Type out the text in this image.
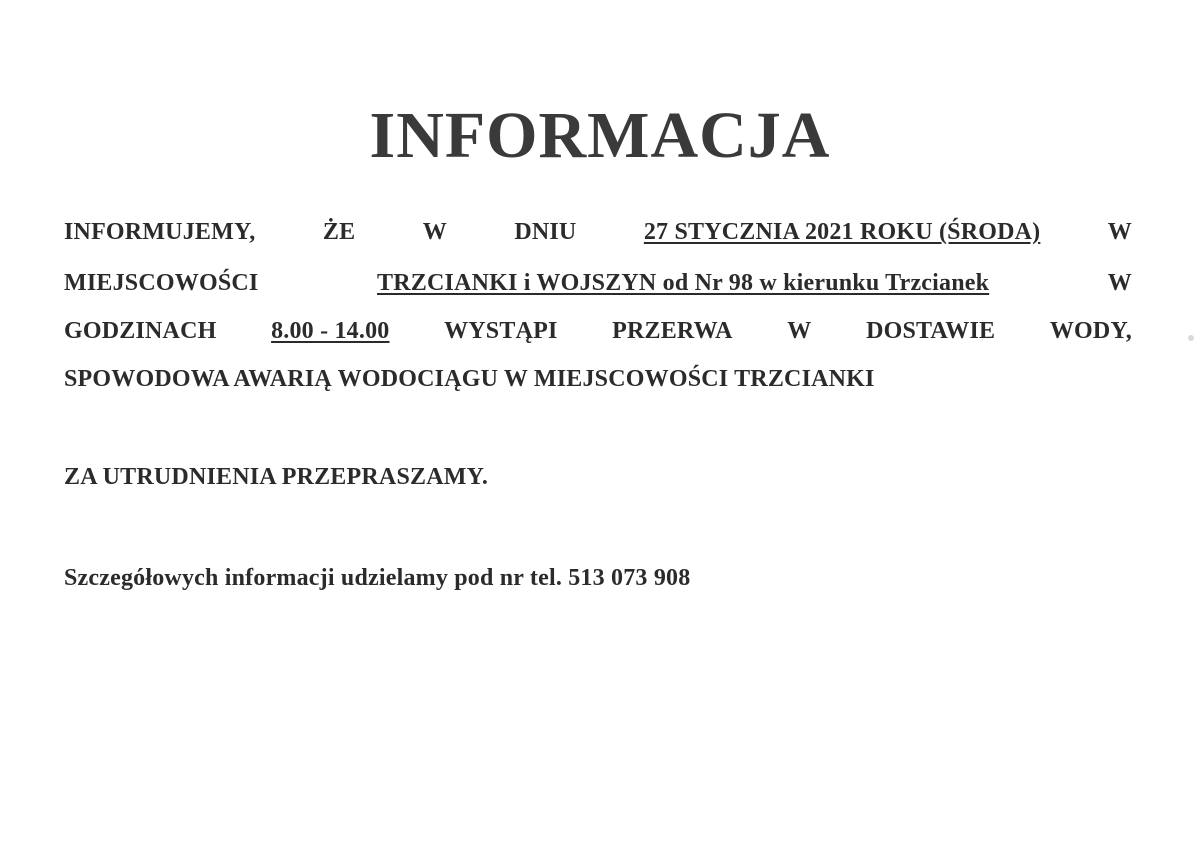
INFORMACJA
INFORMUJEMY,	ŻE	W	DNIU	27 STYCZNIA 2021 ROKU (ŚRODA)	W
MIEJSCOWOŚCI	TRZCIANKI i WOJSZYN od Nr 98 w kierunku Trzcianek	W
GODZINACH 8.00 - 14.00 WYSTĄPI PRZERWA W DOSTAWIE WODY,
SPOWODOWA AWARIĄ WODOCIĄGU W MIEJSCOWOŚCI TRZCIANKI
ZA UTRUDNIENIA PRZEPRASZAMY.
Szczegółowych informacji udzielamy pod nr tel. 513 073 908
